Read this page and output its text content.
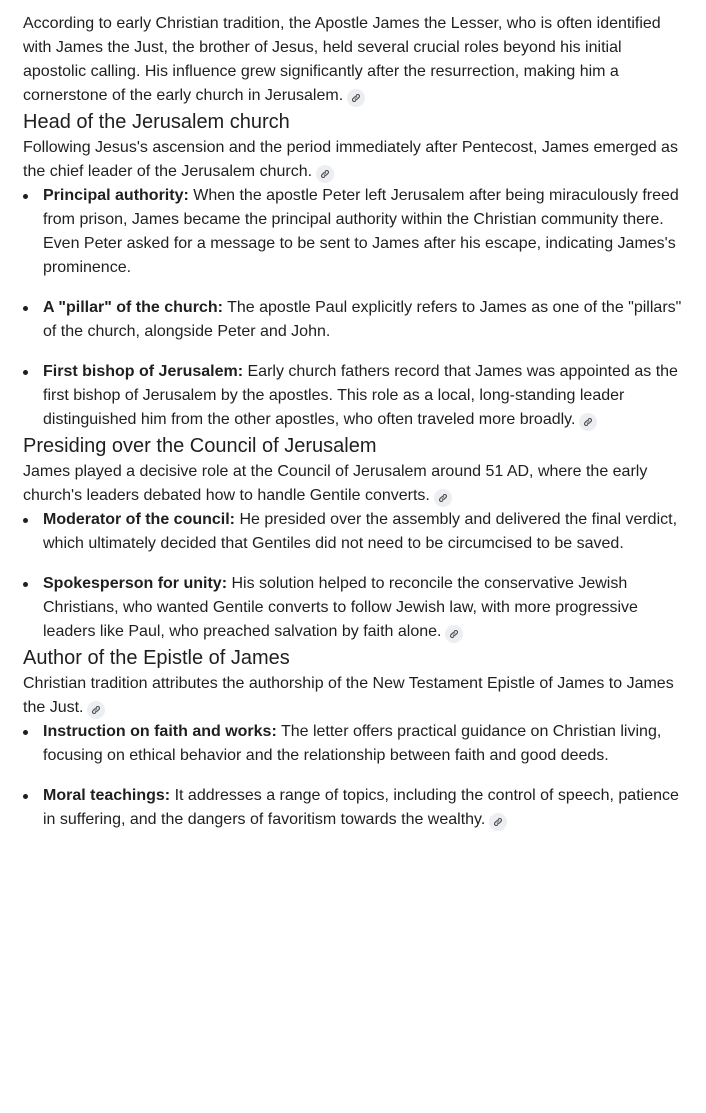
According to early Christian tradition, the Apostle James the Lesser, who is often identified with James the Just, the brother of Jesus, held several crucial roles beyond his initial apostolic calling. His influence grew significantly after the resurrection, making him a cornerstone of the early church in Jerusalem.

Head of the Jerusalem church

Following Jesus's ascension and the period immediately after Pentecost, James emerged as the chief leader of the Jerusalem church.

Principal authority: When the apostle Peter left Jerusalem after being miraculously freed from prison, James became the principal authority within the Christian community there. Even Peter asked for a message to be sent to James after his escape, indicating James's prominence.
A "pillar" of the church: The apostle Paul explicitly refers to James as one of the "pillars" of the church, alongside Peter and John.
First bishop of Jerusalem: Early church fathers record that James was appointed as the first bishop of Jerusalem by the apostles. This role as a local, long-standing leader distinguished him from the other apostles, who often traveled more broadly.
Presiding over the Council of Jerusalem

James played a decisive role at the Council of Jerusalem around 51 AD, where the early church's leaders debated how to handle Gentile converts.

Moderator of the council: He presided over the assembly and delivered the final verdict, which ultimately decided that Gentiles did not need to be circumcised to be saved.
Spokesperson for unity: His solution helped to reconcile the conservative Jewish Christians, who wanted Gentile converts to follow Jewish law, with more progressive leaders like Paul, who preached salvation by faith alone.
Author of the Epistle of James

Christian tradition attributes the authorship of the New Testament Epistle of James to James the Just.

Instruction on faith and works: The letter offers practical guidance on Christian living, focusing on ethical behavior and the relationship between faith and good deeds.
Moral teachings: It addresses a range of topics, including the control of speech, patience in suffering, and the dangers of favoritism towards the wealthy.
